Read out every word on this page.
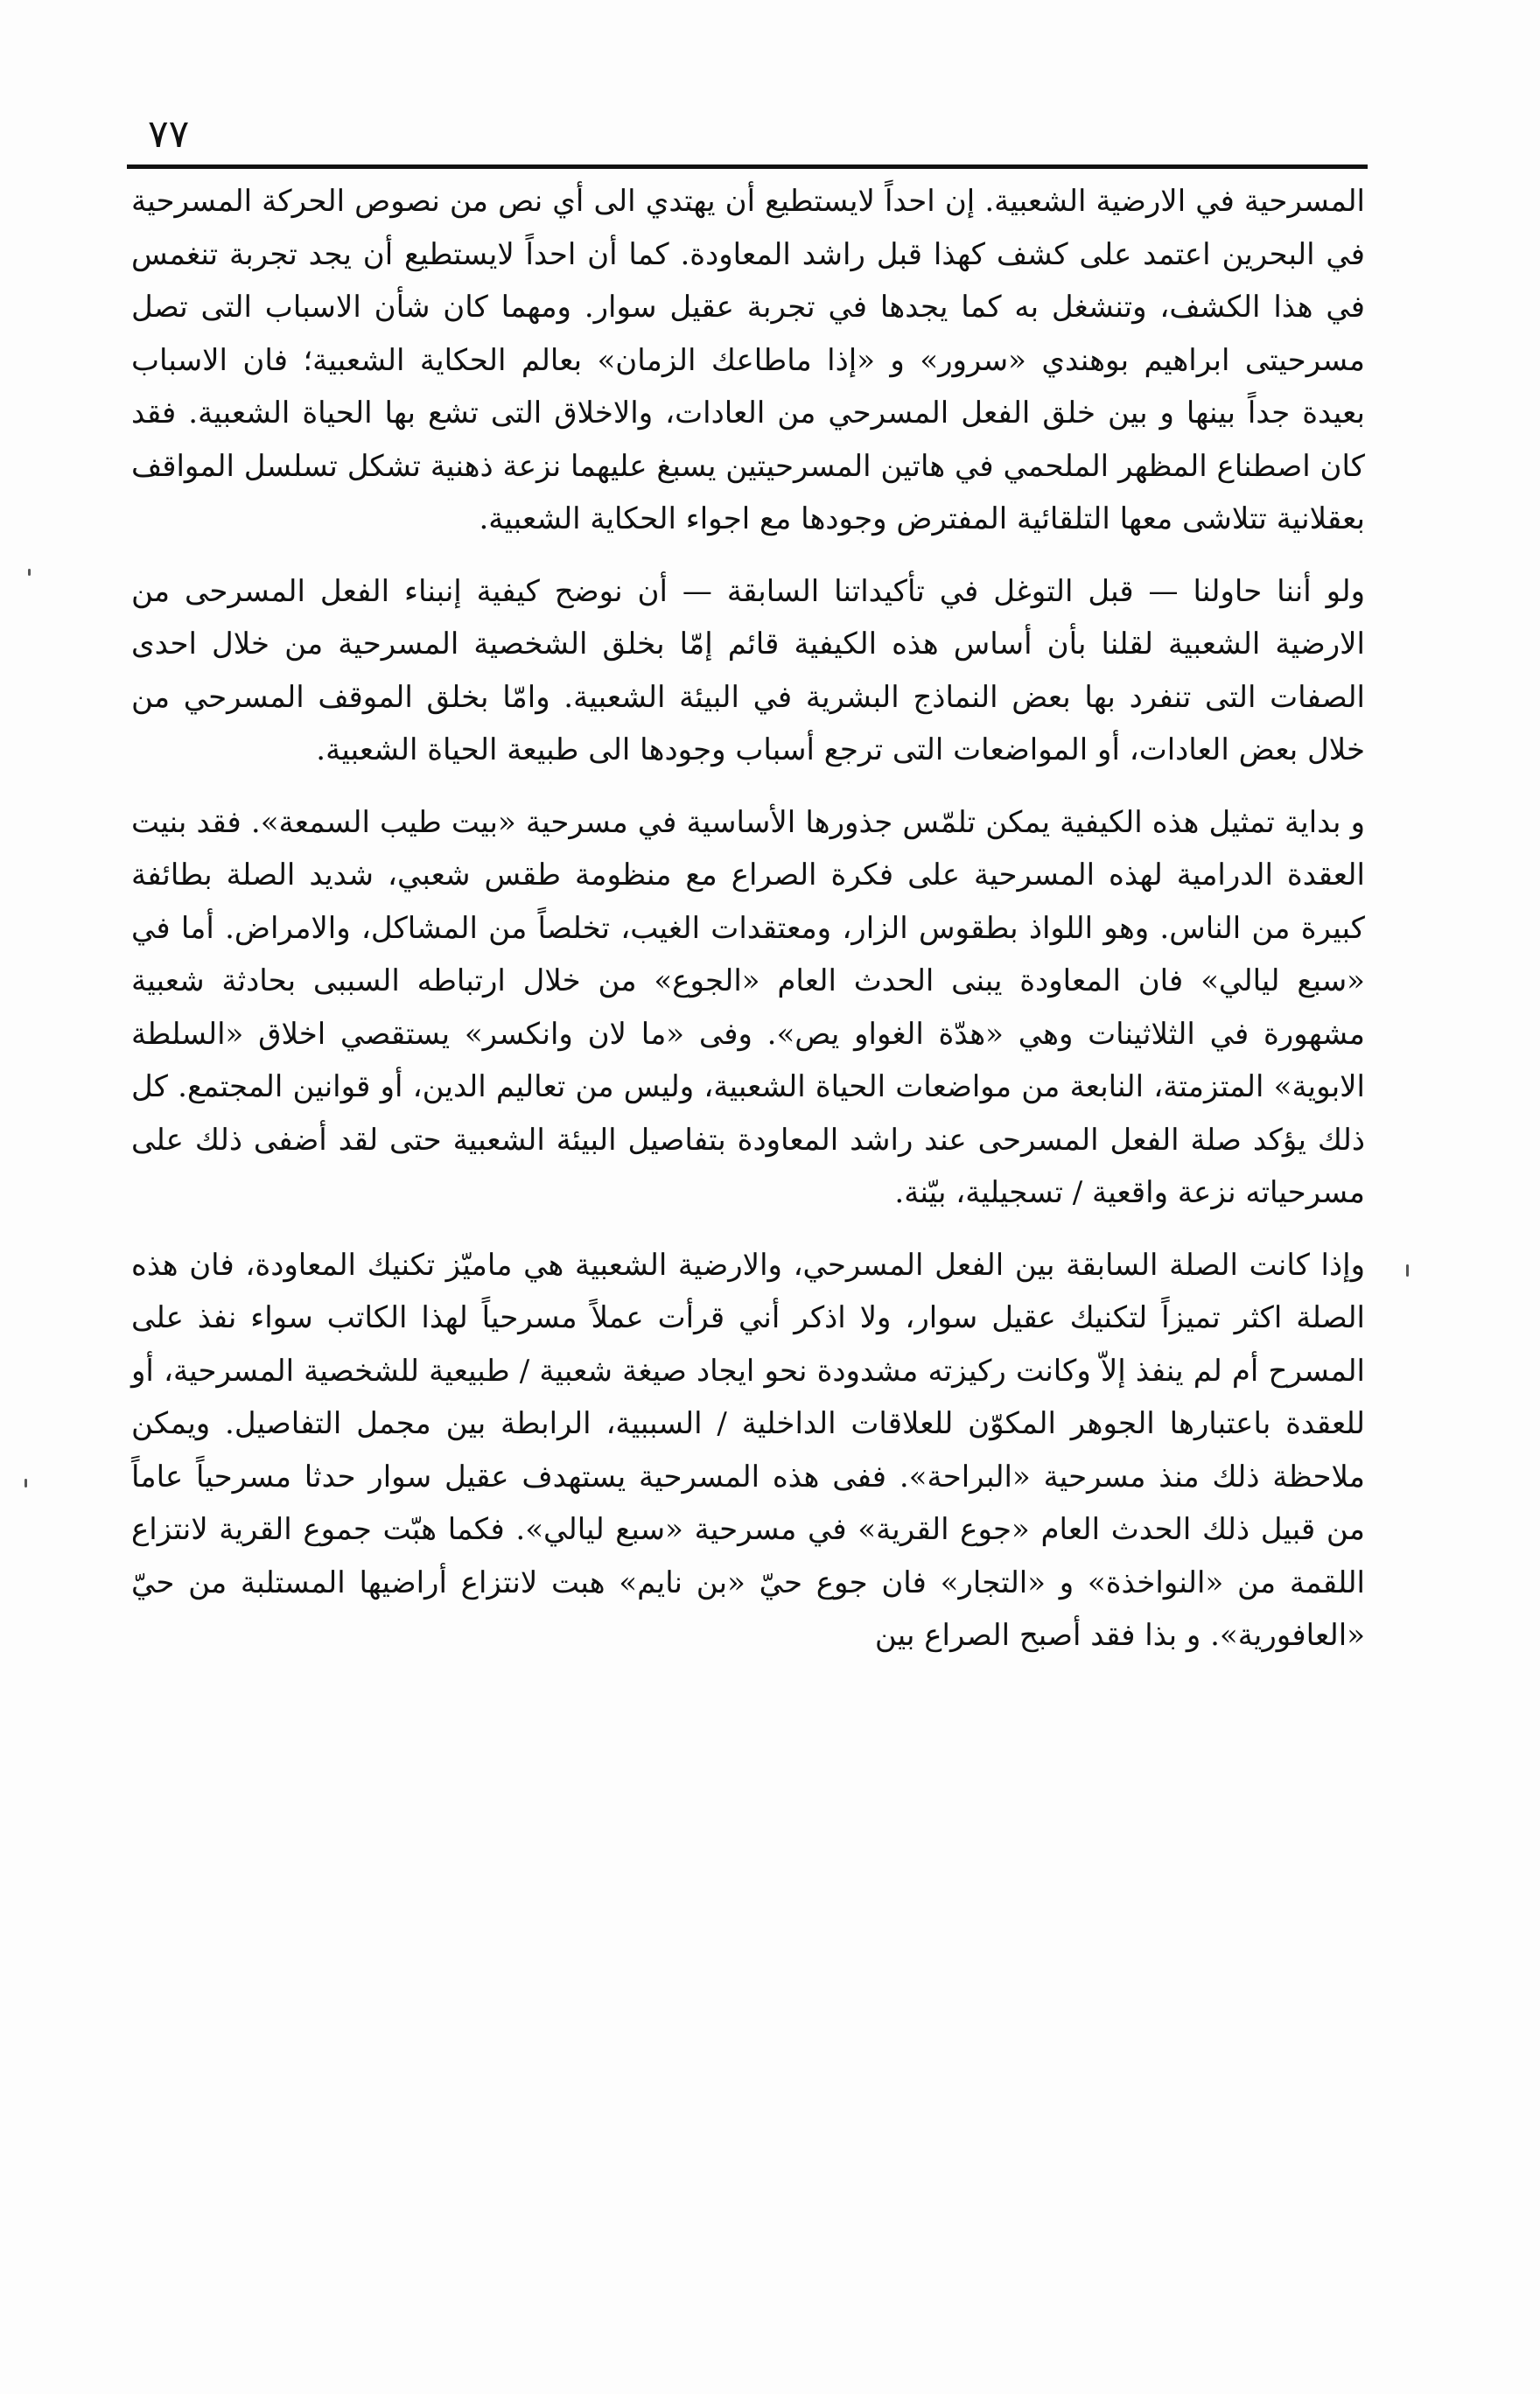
٧٧

المسرحية في الارضية الشعبية. إن احداً لايستطيع أن يهتدي الى أي نص من نصوص الحركة المسرحية في البحرين اعتمد على كشف كهذا قبل راشد المعاودة. كما أن احداً لايستطيع أن يجد تجربة تنغمس في هذا الكشف، وتنشغل به كما يجدها في تجربة عقيل سوار. ومهما كان شأن الاسباب التى تصل مسرحيتى ابراهيم بوهندي «سرور» و «إذا ماطاعك الزمان» بعالم الحكاية الشعبية؛ فان الاسباب بعيدة جداً بينها و بين خلق الفعل المسرحي من العادات، والاخلاق التى تشع بها الحياة الشعبية. فقد كان اصطناع المظهر الملحمي في هاتين المسرحيتين يسبغ عليهما نزعة ذهنية تشكل تسلسل المواقف بعقلانية تتلاشى معها التلقائية المفترض وجودها مع اجواء الحكاية الشعبية.

ولو أننا حاولنا — قبل التوغل في تأكيداتنا السابقة — أن نوضح كيفية إنبناء الفعل المسرحى من الارضية الشعبية لقلنا بأن أساس هذه الكيفية قائم إمّا بخلق الشخصية المسرحية من خلال احدى الصفات التى تنفرد بها بعض النماذج البشرية في البيئة الشعبية. وامّا بخلق الموقف المسرحي من خلال بعض العادات، أو المواضعات التى ترجع أسباب وجودها الى طبيعة الحياة الشعبية.

و بداية تمثيل هذه الكيفية يمكن تلمّس جذورها الأساسية في مسرحية «بيت طيب السمعة». فقد بنيت العقدة الدرامية لهذه المسرحية على فكرة الصراع مع منظومة طقس شعبي، شديد الصلة بطائفة كبيرة من الناس. وهو اللواذ بطقوس الزار، ومعتقدات الغيب، تخلصاً من المشاكل، والامراض. أما في «سبع ليالي» فان المعاودة يبنى الحدث العام «الجوع» من خلال ارتباطه السببى بحادثة شعبية مشهورة في الثلاثينات وهي «هدّة الغواو يص». وفى «ما لان وانكسر» يستقصي اخلاق «السلطة الابوية» المتزمتة، النابعة من مواضعات الحياة الشعبية، وليس من تعاليم الدين، أو قوانين المجتمع. كل ذلك يؤكد صلة الفعل المسرحى عند راشد المعاودة بتفاصيل البيئة الشعبية حتى لقد أضفى ذلك على مسرحياته نزعة واقعية / تسجيلية، بيّنة.

وإذا كانت الصلة السابقة بين الفعل المسرحي، والارضية الشعبية هي ماميّز تكنيك المعاودة، فان هذه الصلة اكثر تميزاً لتكنيك عقيل سوار، ولا اذكر أني قرأت عملاً مسرحياً لهذا الكاتب سواء نفذ على المسرح أم لم ينفذ إلاّ وكانت ركيزته مشدودة نحو ايجاد صيغة شعبية / طبيعية للشخصية المسرحية، أو للعقدة باعتبارها الجوهر المكوّن للعلاقات الداخلية / السببية، الرابطة بين مجمل التفاصيل. ويمكن ملاحظة ذلك منذ مسرحية «البراحة». ففى هذه المسرحية يستهدف عقيل سوار حدثا مسرحياً عاماً من قبيل ذلك الحدث العام «جوع القرية» في مسرحية «سبع ليالي». فكما هبّت جموع القرية لانتزاع اللقمة من «النواخذة» و «التجار» فان جوع حيّ «بن نايم» هبت لانتزاع أراضيها المستلبة من حيّ «العافورية». و بذا فقد أصبح الصراع بين
